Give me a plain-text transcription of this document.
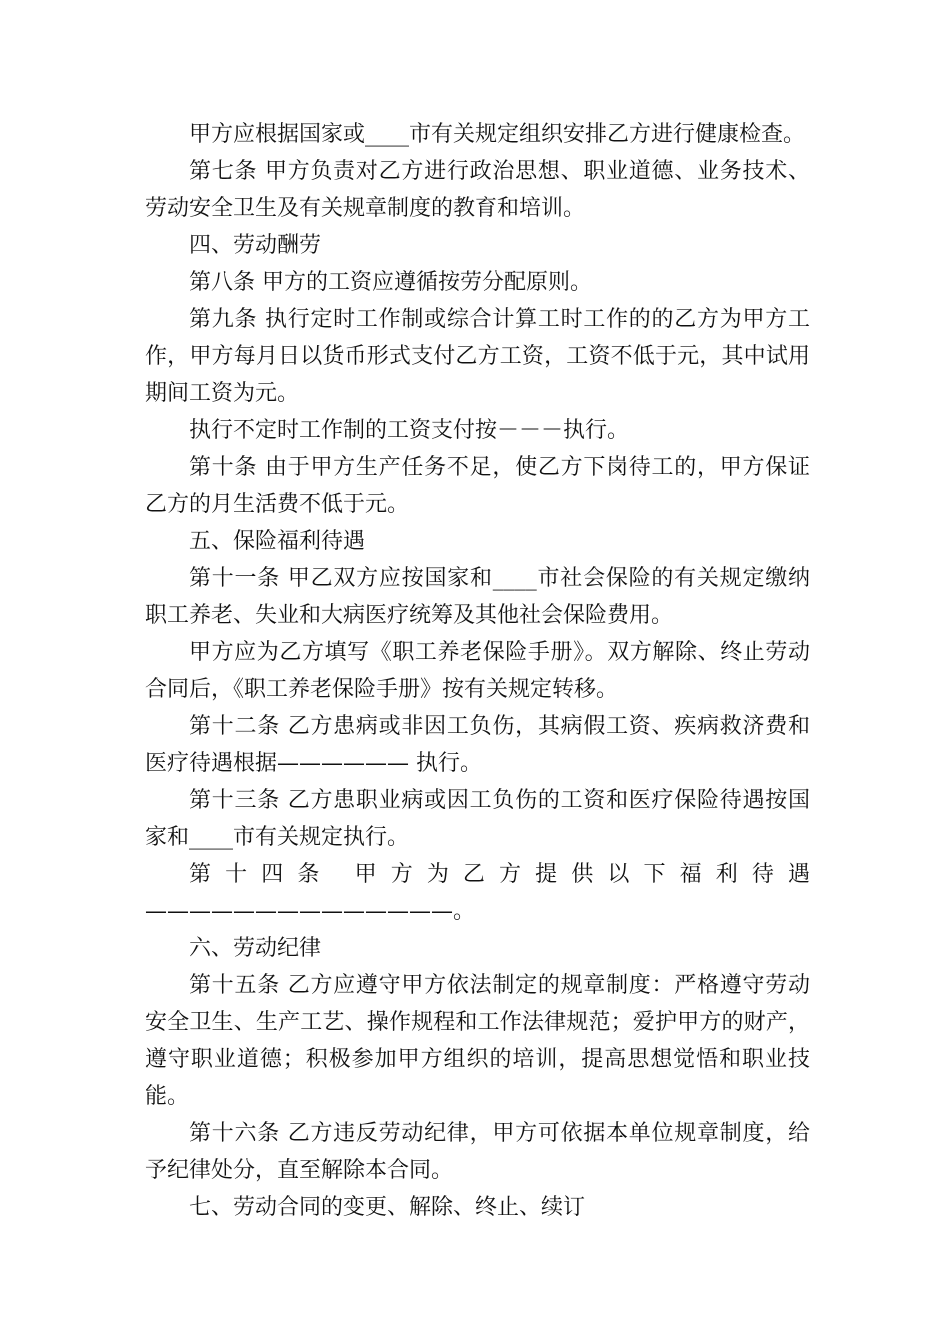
甲方应根据国家或____市有关规定组织安排乙方进行健康检查。

第七条 甲方负责对乙方进行政治思想、职业道德、业务技术、劳动安全卫生及有关规章制度的教育和培训。

四、劳动酬劳

第八条 甲方的工资应遵循按劳分配原则。

第九条 执行定时工作制或综合计算工时工作的的乙方为甲方工作，甲方每月日以货币形式支付乙方工资，工资不低于元，其中试用期间工资为元。

执行不定时工作制的工资支付按－－－执行。

第十条 由于甲方生产任务不足，使乙方下岗待工的，甲方保证乙方的月生活费不低于元。

五、保险福利待遇

第十一条 甲乙双方应按国家和____市社会保险的有关规定缴纳职工养老、失业和大病医疗统筹及其他社会保险费用。

甲方应为乙方填写《职工养老保险手册》。双方解除、终止劳动合同后，《职工养老保险手册》按有关规定转移。

第十二条 乙方患病或非因工负伤，其病假工资、疾病救济费和医疗待遇根据—————— 执行。

第十三条 乙方患职业病或因工负伤的工资和医疗保险待遇按国家和____市有关规定执行。

第十四条 甲方为乙方提供以下福利待遇——————————————。

六、劳动纪律

第十五条 乙方应遵守甲方依法制定的规章制度：严格遵守劳动安全卫生、生产工艺、操作规程和工作法律规范；爱护甲方的财产，遵守职业道德；积极参加甲方组织的培训，提高思想觉悟和职业技能。

第十六条 乙方违反劳动纪律，甲方可依据本单位规章制度，给予纪律处分，直至解除本合同。

七、劳动合同的变更、解除、终止、续订
